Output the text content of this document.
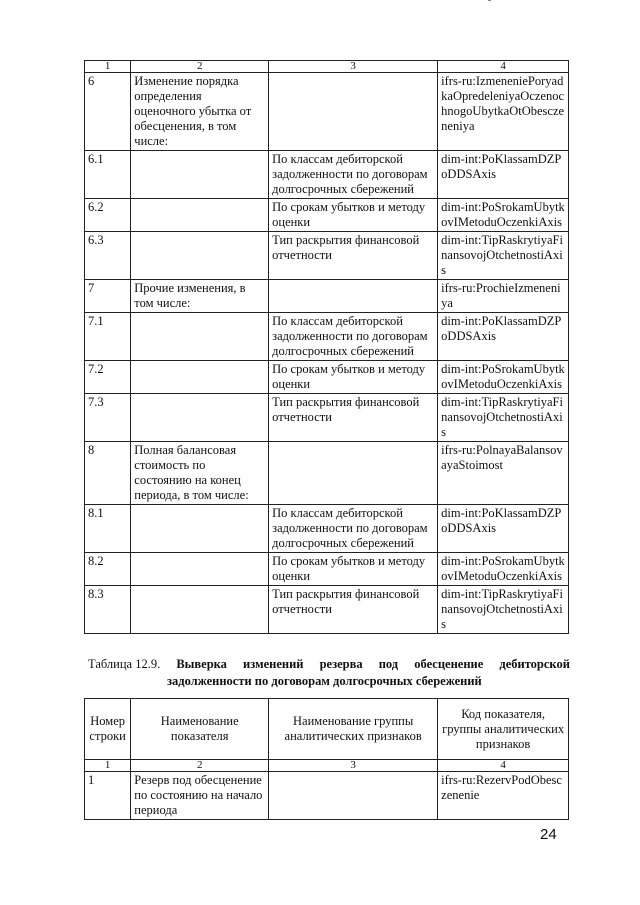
1	2	3	4
6	Изменение порядка определения оценочного убытка от обесценения, в том числе:		ifrs-ru:IzmeneniePoryadkaOpredeleniyaOczenochnogoUbytkaOtObesczeneniya
6.1		По классам дебиторской задолженности по договорам долгосрочных сбережений	dim-int:PoKlassamDZPoDDSAxis
6.2		По срокам убытков и методу оценки	dim-int:PoSrokamUbytkovIMetoduOczenkiAxis
6.3		Тип раскрытия финансовой отчетности	dim-int:TipRaskrytiyaFinansovojOtchetnostiAxis
7	Прочие изменения, в том числе:		ifrs-ru:ProchieIzmeneniya
7.1		По классам дебиторской задолженности по договорам долгосрочных сбережений	dim-int:PoKlassamDZPoDDSAxis
7.2		По срокам убытков и методу оценки	dim-int:PoSrokamUbytkovIMetoduOczenkiAxis
7.3		Тип раскрытия финансовой отчетности	dim-int:TipRaskrytiyaFinansovojOtchetnostiAxis
8	Полная балансовая стоимость по состоянию на конец периода, в том числе:		ifrs-ru:PolnayaBalansovayaStoimost
8.1		По классам дебиторской задолженности по договорам долгосрочных сбережений	dim-int:PoKlassamDZPoDDSAxis
8.2		По срокам убытков и методу оценки	dim-int:PoSrokamUbytkovIMetoduOczenkiAxis
8.3		Тип раскрытия финансовой отчетности	dim-int:TipRaskrytiyaFinansovojOtchetnostiAxis
Таблица 12.9. Выверка изменений резерва под обесценение дебиторской
задолженности по договорам долгосрочных сбережений
Номер строки	Наименование показателя	Наименование группы аналитических признаков	Код показателя, группы аналитических признаков
1	2	3	4
1	Резерв под обесценение по состоянию на начало периода		ifrs-ru:RezervPodObesczenenie
24
